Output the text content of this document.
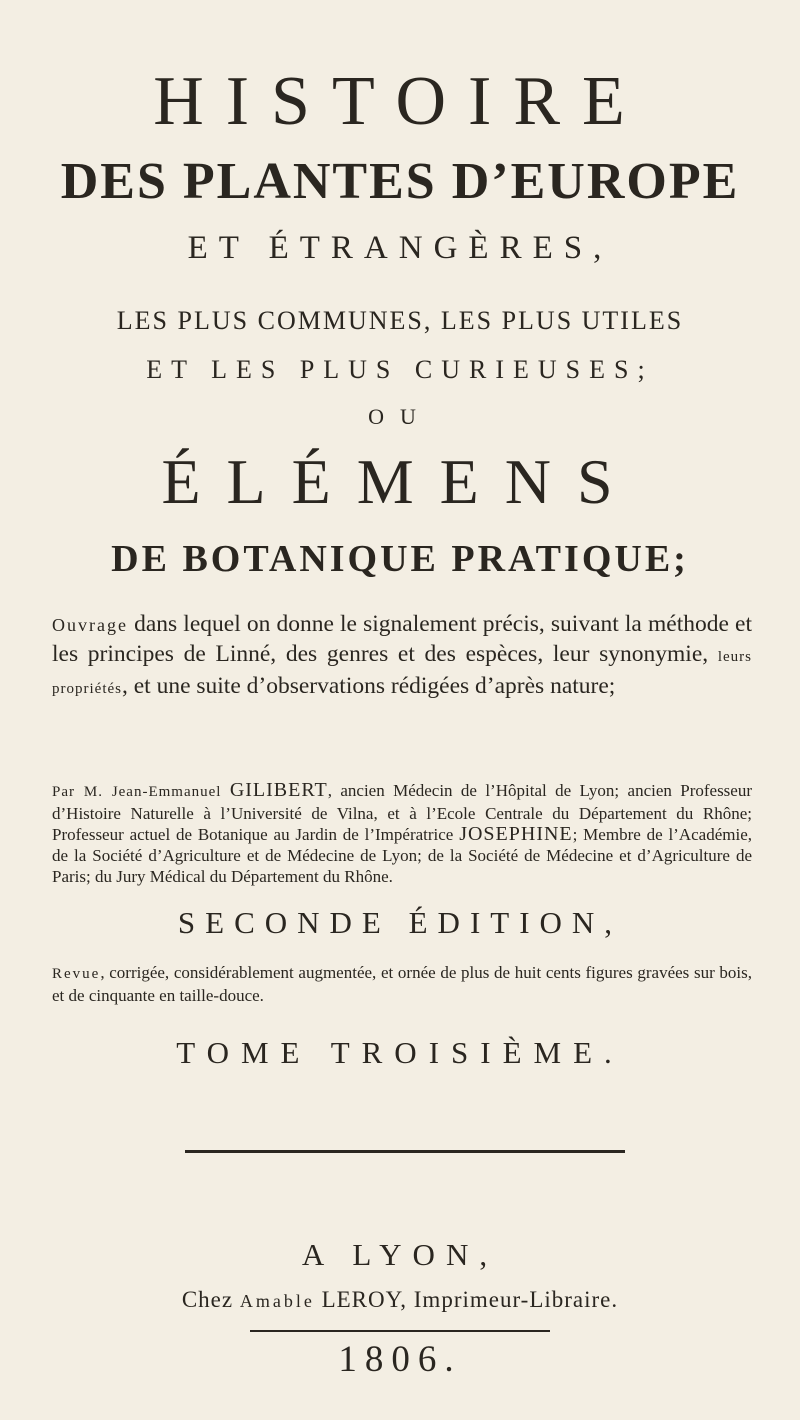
HISTOIRE
DES PLANTES D’EUROPE
ET ÉTRANGÈRES,
LES PLUS COMMUNES, LES PLUS UTILES
ET LES PLUS CURIEUSES;
OU
ÉLÉMENS
DE BOTANIQUE PRATIQUE;
Ouvrage dans lequel on donne le signalement précis, suivant la méthode et les principes de Linné, des genres et des espèces, leur synonymie, leurs propriétés, et une suite d’observations rédigées d’après nature;
Par M. Jean-Emmanuel GILIBERT, ancien Médecin de l’Hôpital de Lyon; ancien Professeur d’Histoire Naturelle à l’Université de Vilna, et à l’Ecole Centrale du Département du Rhône; Professeur actuel de Botanique au Jardin de l’Impératrice JOSEPHINE; Membre de l’Académie, de la Société d’Agriculture et de Médecine de Lyon; de la Société de Médecine et d’Agriculture de Paris; du Jury Médical du Département du Rhône.
SECONDE ÉDITION,
Revue, corrigée, considérablement augmentée, et ornée de plus de huit cents figures gravées sur bois, et de cinquante en taille-douce.
TOME TROISIÈME.
A LYON,
Chez Amable LEROY, Imprimeur-Libraire.
1806.
